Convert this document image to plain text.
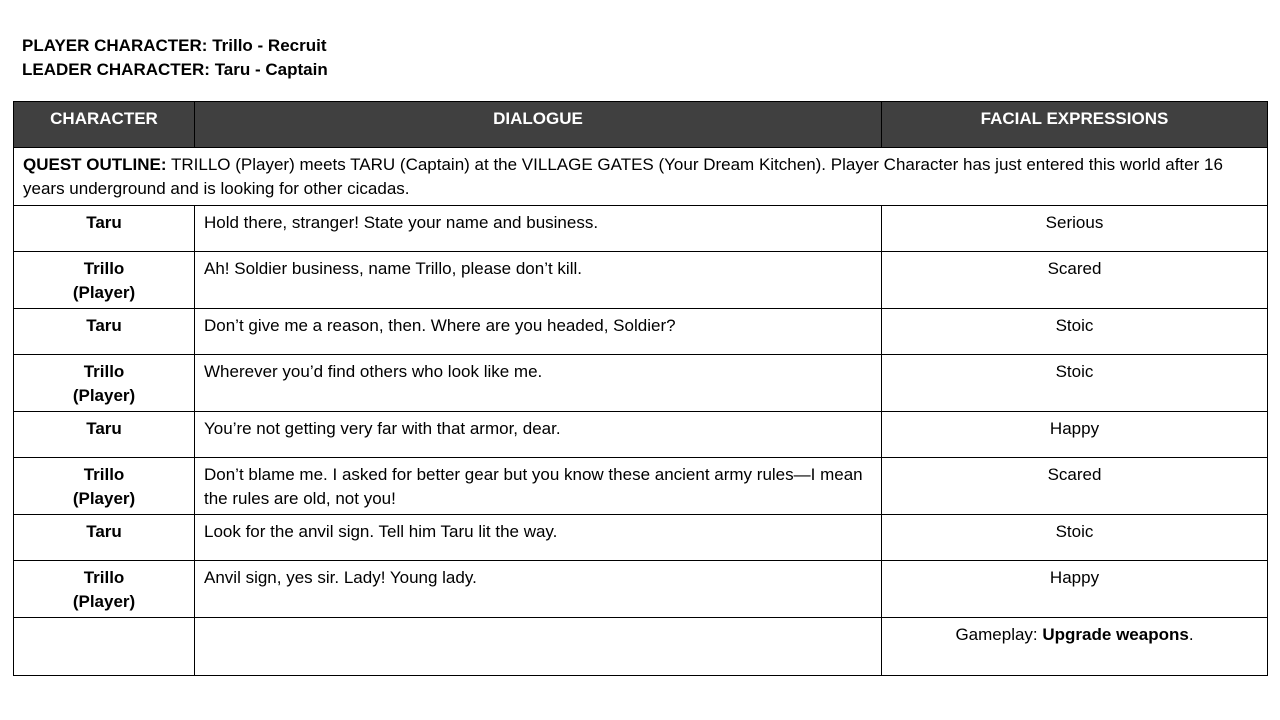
PLAYER CHARACTER: Trillo - Recruit
LEADER CHARACTER: Taru - Captain
QUEST OUTLINE: TRILLO (Player) meets TARU (Captain) at the VILLAGE GATES (Your Dream Kitchen). Player Character has just entered this world after 16 years underground and is looking for other cicadas.		
CHARACTER	DIALOGUE	FACIAL EXPRESSIONS

Taru	Hold there, stranger! State your name and business.	Serious

Trillo
(Player)	Ah! Soldier business, name Trillo, please don’t kill.	Scared

Taru	Don’t give me a reason, then. Where are you headed, Soldier?	Stoic

Trillo
(Player)	Wherever you’d find others who look like me.	Stoic

Taru	You’re not getting very far with that armor, dear.	Happy

Trillo
(Player)	Don’t blame me. I asked for better gear but you know these ancient army rules—I mean the rules are old, not you!	Scared

Taru	Look for the anvil sign. Tell him Taru lit the way.	Stoic

Trillo
(Player)	Anvil sign, yes sir. Lady! Young lady.	Happy
		Gameplay: Upgrade weapons.
